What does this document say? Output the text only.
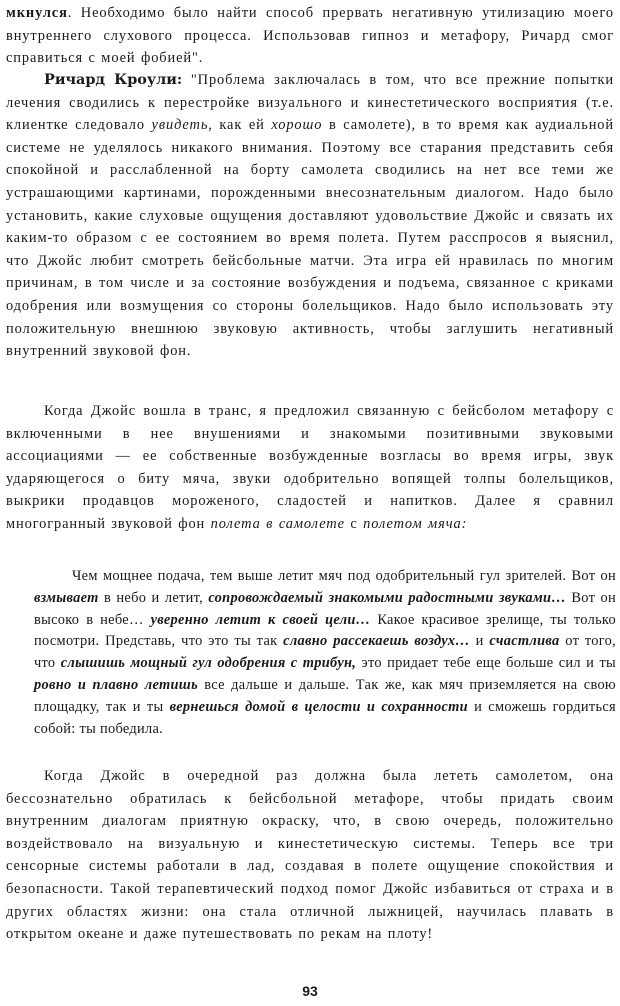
мкнулся. Необходимо было найти способ прервать негативную утилизацию моего внутреннего слухового процесса. Использовав гипноз и метафору, Ричард смог справиться с моей фобией".

Ричард Кроули: "Проблема заключалась в том, что все прежние попытки лечения сводились к перестройке визуального и кинестетического восприятия (т.е. клиентке следовало увидеть, как ей хорошо в самолете), в то время как аудиальной системе не уделялось никакого внимания. Поэтому все старания представить себя спокойной и расслабленной на борту самолета сводились на нет все теми же устрашающими картинами, порожденными внесознательным диалогом. Надо было установить, какие слуховые ощущения доставляют удовольствие Джойс и связать их каким-то образом с ее состоянием во время полета. Путем расспросов я выяснил, что Джойс любит смотреть бейсбольные матчи. Эта игра ей нравилась по многим причинам, в том числе и за состояние возбуждения и подъема, связанное с криками одобрения или возмущения со стороны болельщиков. Надо было использовать эту положительную внешнюю звуковую активность, чтобы заглушить негативный внутренний звуковой фон.

Когда Джойс вошла в транс, я предложил связанную с бейсболом метафору с включенными в нее внушениями и знакомыми позитивными звуковыми ассоциациями — ее собственные возбужденные возгласы во время игры, звук ударяющегося о биту мяча, звуки одобрительно вопящей толпы болельщиков, выкрики продавцов мороженого, сладостей и напитков. Далее я сравнил многогранный звуковой фон полета в самолете с полетом мяча:

Чем мощнее подача, тем выше летит мяч под одобрительный гул зрителей. Вот он взмывает в небо и летит, сопровождаемый знакомыми радостными звуками… Вот он высоко в небе… уверенно летит к своей цели… Какое красивое зрелище, ты только посмотри. Представь, что это ты так славно рассекаешь воздух… и счастлива от того, что слышишь мощный гул одобрения с трибун, это придает тебе еще больше сил и ты ровно и плавно летишь все дальше и дальше. Так же, как мяч приземляется на свою площадку, так и ты вернешься домой в целости и сохранности и сможешь гордиться собой: ты победила.

Когда Джойс в очередной раз должна была лететь самолетом, она бессознательно обратилась к бейсбольной метафоре, чтобы придать своим внутренним диалогам приятную окраску, что, в свою очередь, положительно воздействовало на визуальную и кинестетическую системы. Теперь все три сенсорные системы работали в лад, создавая в полете ощущение спокойствия и безопасности. Такой терапевтический подход помог Джойс избавиться от страха и в других областях жизни: она стала отличной лыжницей, научилась плавать в открытом океане и даже путешествовать по рекам на плоту!

93
